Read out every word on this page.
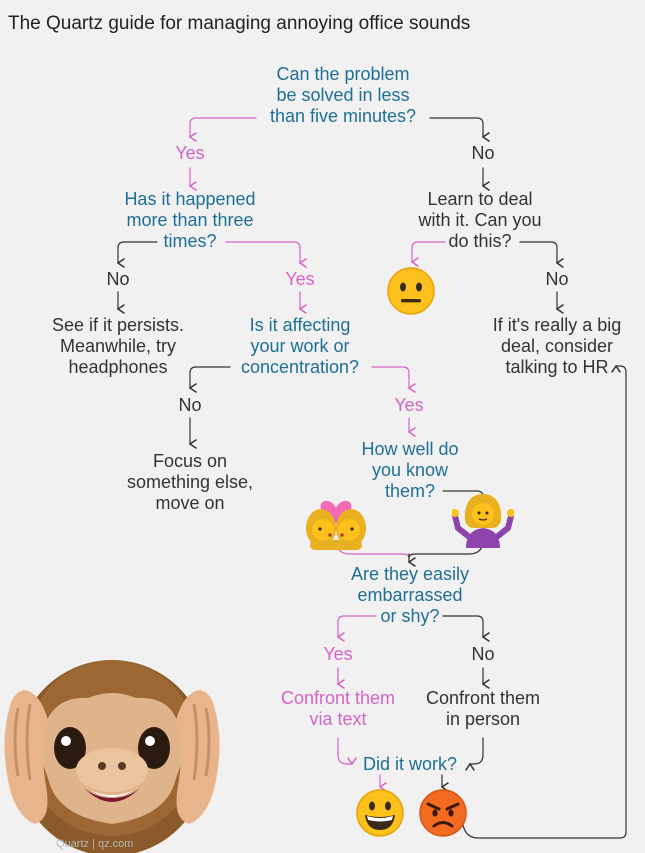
The Quartz guide for managing annoying office sounds
Can the problem
be solved in less
than five minutes?
Yes	No
Has it happened
more than three
times?
Learn to deal
with it. Can you
do this?
No	Yes	No
See if it persists.
Meanwhile, try
headphones
Is it affecting
your work or
concentration?
If it's really a big
deal, consider
talking to HR
No	Yes
Focus on
something else,
move on
How well do
you know
them?
Are they easily
embarrassed
or shy?
Yes	No
Confront them
via text
Confront them
in person
Did it work?
Quartz | qz.com
